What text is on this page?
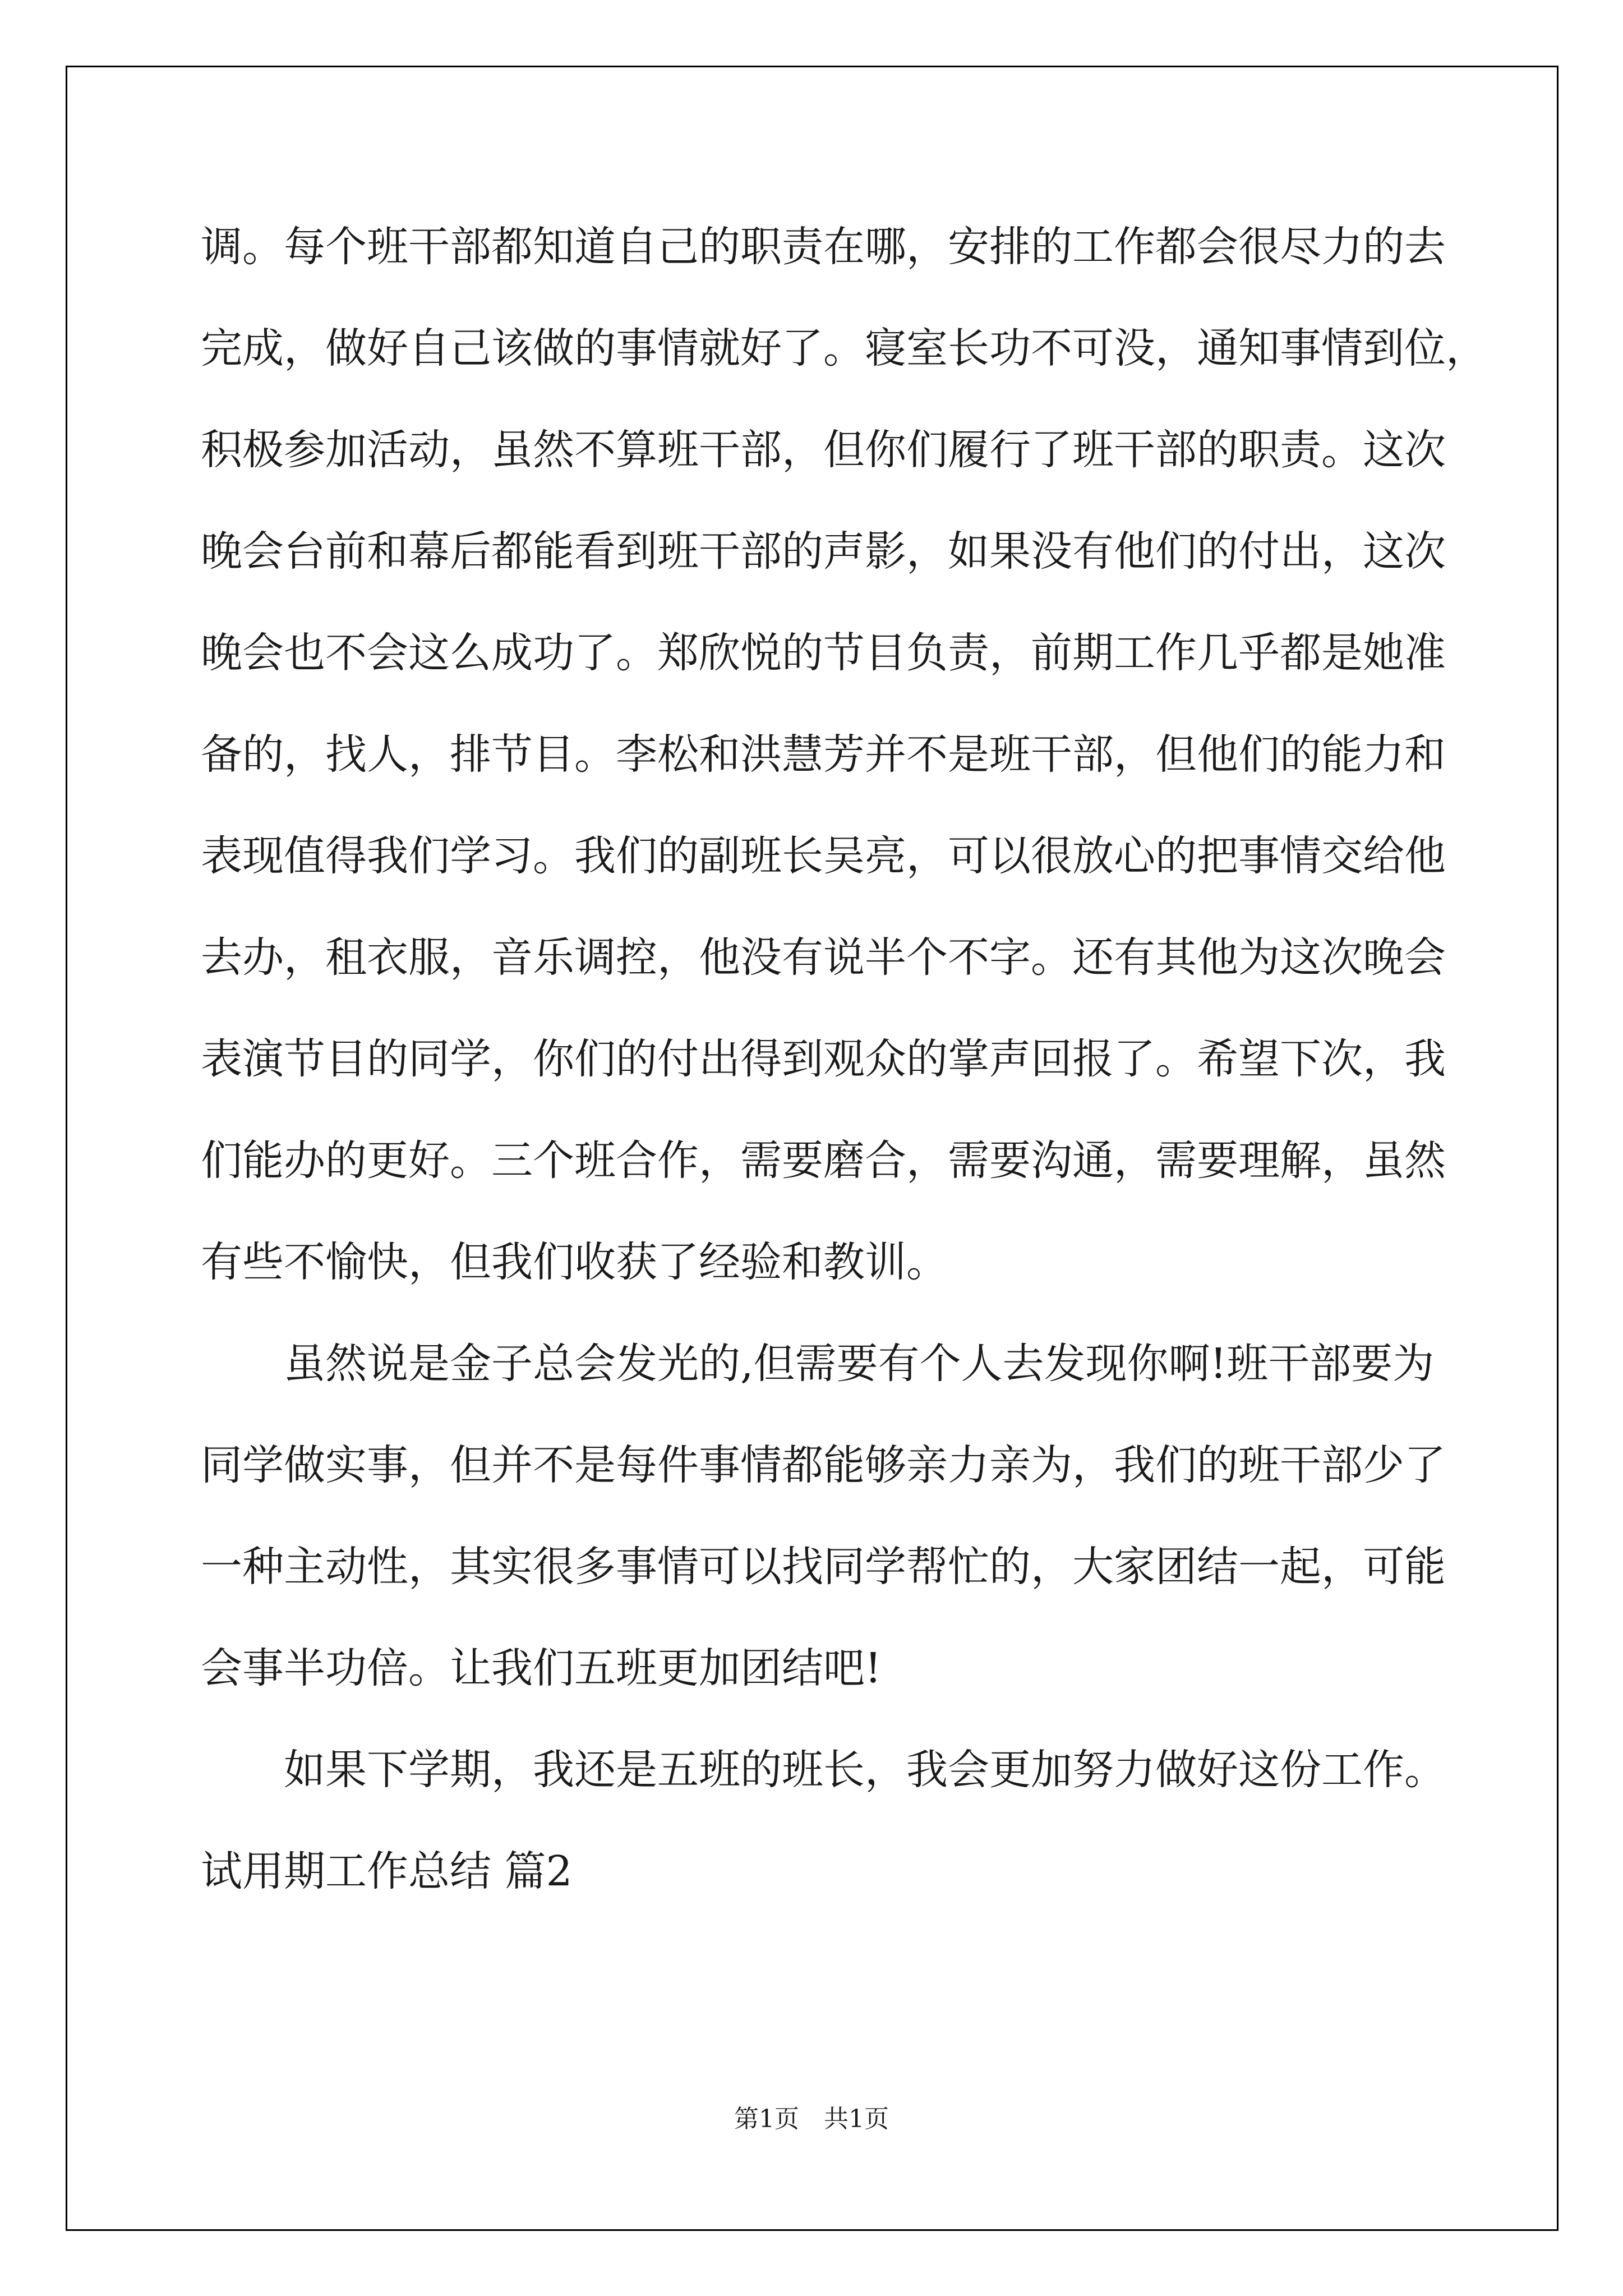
调。每个班干部都知道自己的职责在哪，安排的工作都会很尽力的去
完成，做好自己该做的事情就好了。寝室长功不可没，通知事情到位，
积极参加活动，虽然不算班干部，但你们履行了班干部的职责。这次
晚会台前和幕后都能看到班干部的声影，如果没有他们的付出，这次
晚会也不会这么成功了。郑欣悦的节目负责，前期工作几乎都是她准
备的，找人，排节目。李松和洪慧芳并不是班干部，但他们的能力和
表现值得我们学习。我们的副班长吴亮，可以很放心的把事情交给他
去办，租衣服，音乐调控，他没有说半个不字。还有其他为这次晚会
表演节目的同学，你们的付出得到观众的掌声回报了。希望下次，我
们能办的更好。三个班合作，需要磨合，需要沟通，需要理解，虽然
有些不愉快，但我们收获了经验和教训。
虽然说是金子总会发光的,但需要有个人去发现你啊!班干部要为
同学做实事，但并不是每件事情都能够亲力亲为，我们的班干部少了
一种主动性，其实很多事情可以找同学帮忙的，大家团结一起，可能
会事半功倍。让我们五班更加团结吧!
如果下学期，我还是五班的班长，我会更加努力做好这份工作。
试用期工作总结 篇2
第1页　共1页
